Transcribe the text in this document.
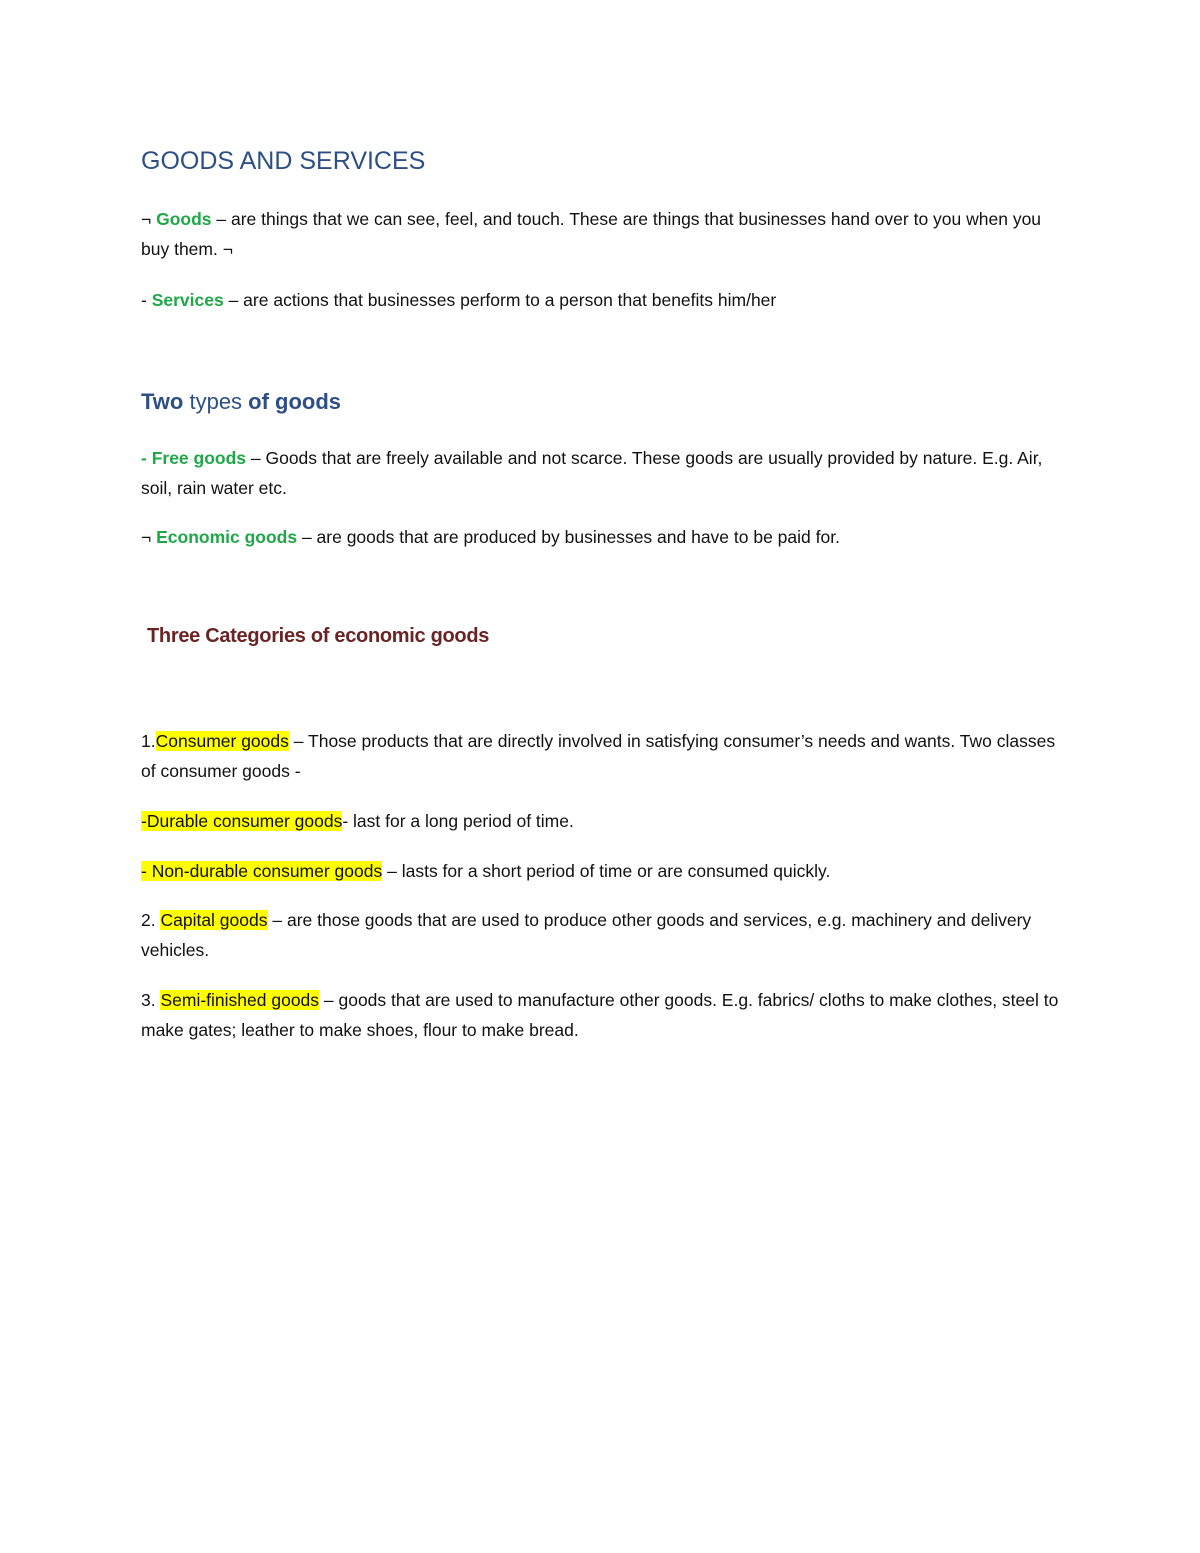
GOODS AND SERVICES

¬ Goods – are things that we can see, feel, and touch. These are things that businesses hand over to you when you buy them. ¬

- Services – are actions that businesses perform to a person that benefits him/her

Two types of goods

- Free goods – Goods that are freely available and not scarce. These goods are usually provided by nature. E.g. Air, soil, rain water etc.

¬ Economic goods – are goods that are produced by businesses and have to be paid for.

Three Categories of economic goods

1.Consumer goods – Those products that are directly involved in satisfying consumer’s needs and wants. Two classes of consumer goods -

-Durable consumer goods- last for a long period of time.

- Non-durable consumer goods – lasts for a short period of time or are consumed quickly.

2. Capital goods – are those goods that are used to produce other goods and services, e.g. machinery and delivery vehicles.

3. Semi-finished goods – goods that are used to manufacture other goods. E.g. fabrics/ cloths to make clothes, steel to make gates; leather to make shoes, flour to make bread.
